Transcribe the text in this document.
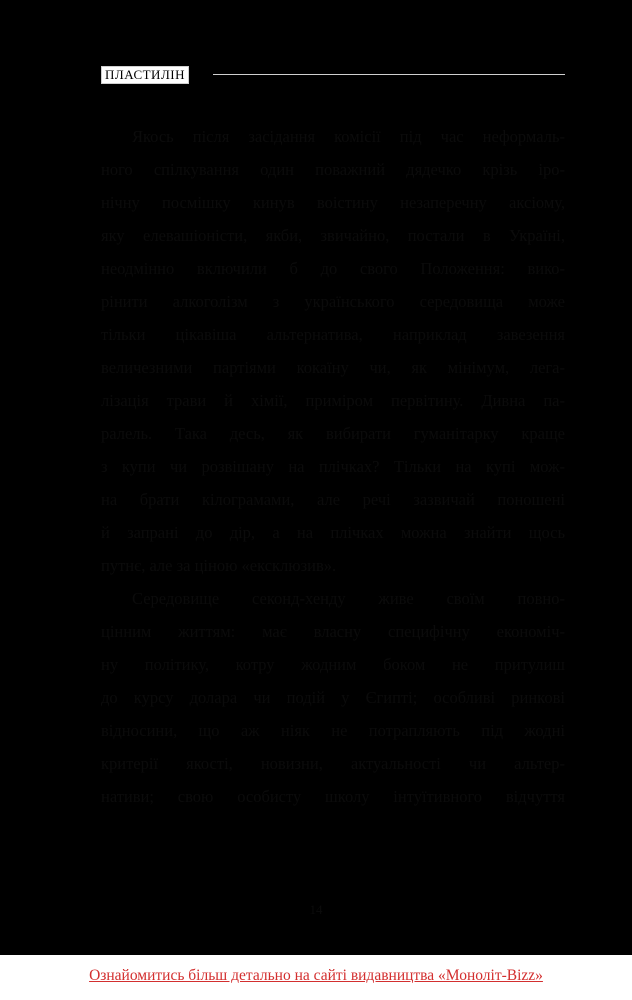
ПЛАСТИЛІН
Якось після засідання комісії під час неформаль-
ного спілкування один поважний дядечко крізь іро-
нічну посмішку кинув воістину незаперечну аксіому,
яку елевашіоністи, якби, звичайно, постали в Україні,
неодмінно включили б до свого Положення: вико-
рінити алкоголізм з українського середовища може
тільки цікавіша альтернатива, наприклад завезення
величезними партіями кокаїну чи, як мінімум, лега-
лізація трави й хімії, приміром первітину. Дивна па-
ралель. Така десь, як вибирати гуманітарку краще
з купи чи розвішану на плічках? Тільки на купі мож-
на брати кілограмами, але речі зазвичай поношені
й запрані до дір, а на плічках можна знайти щось
путнє, але за ціною «ексклюзив».
Середовище секонд-хенду живе своїм повно-
цінним життям: має власну специфічну економіч-
ну політику, котру жодним боком не притулиш
до курсу долара чи подій у Єгипті; особливі ринкові
відносини, що аж ніяк не потрапляють під жодні
критерії якості, новизни, актуальності чи альтер-
нативи; свою особисту школу інтуїтивного відчуття
14
Ознайомитись більш детально на сайті видавництва «Моноліт-Bizz»
